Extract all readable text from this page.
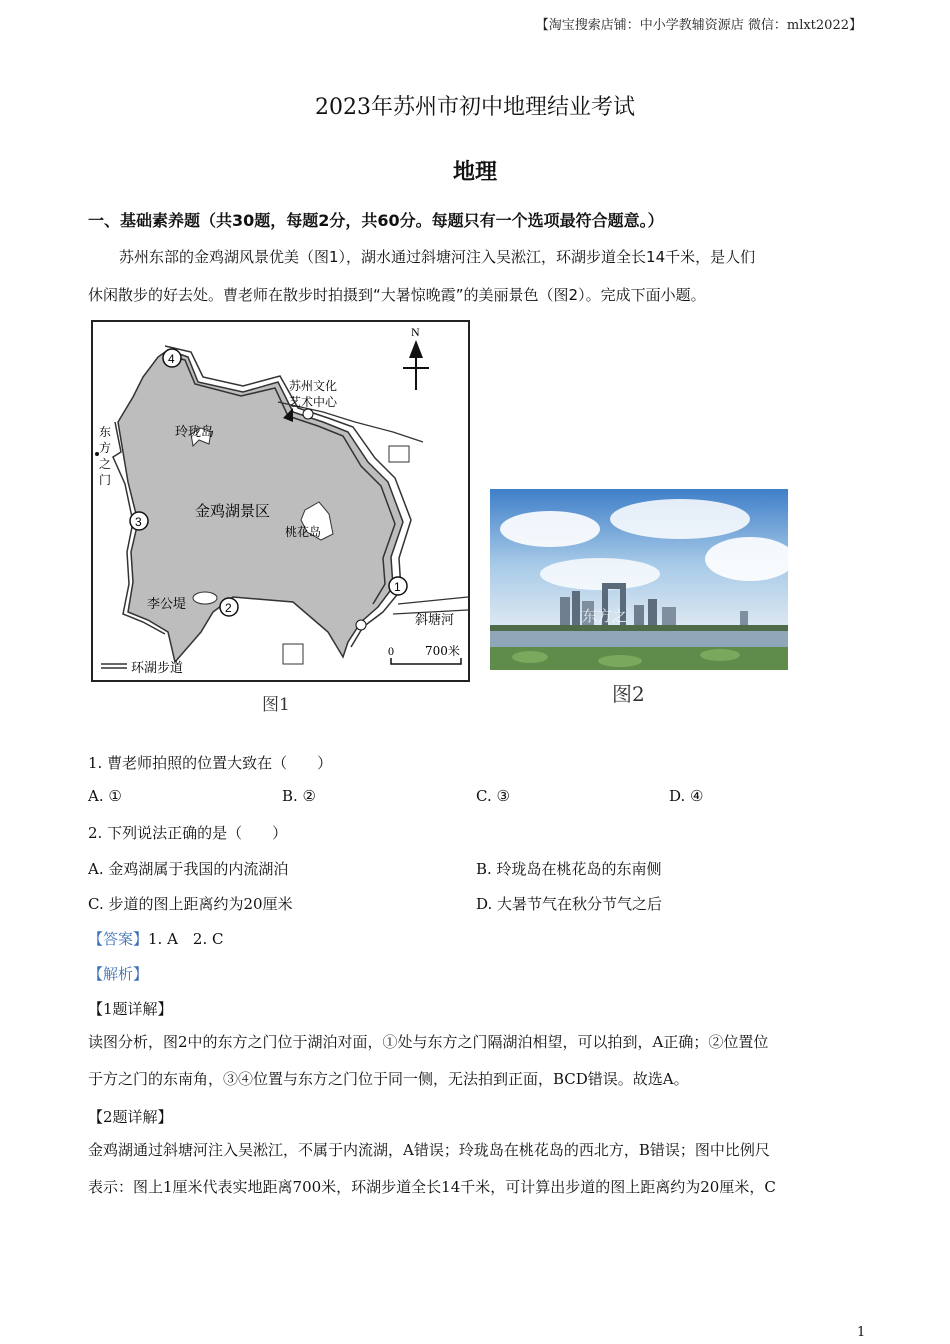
【淘宝搜索店铺：中小学教辅资源店 微信：mlxt2022】
2023年苏州市初中地理结业考试
地理
一、基础素养题（共30题，每题2分，共60分。每题只有一个选项最符合题意。）

苏州东部的金鸡湖风景优美（图1），湖水通过斜塘河注入吴淞江，环湖步道全长14千米，是人们

休闲散步的好去处。曹老师在散步时拍摄到“大暑惊晚霞”的美丽景色（图2）。完成下面小题。

N
苏州文化
艺术中心
东
方
之
门
玲珑岛
金鸡湖景区
桃花岛
李公堤
斜塘河
1
2
3
4
0	700米
环湖步道
图1
东方之
图2
1. 曹老师拍照的位置大致在（　　）
A. ①	B. ②	C. ③	D. ④
2. 下列说法正确的是（　　）
A. 金鸡湖属于我国的内流湖泊	B. 玲珑岛在桃花岛的东南侧
C. 步道的图上距离约为20厘米	D. 大暑节气在秋分节气之后
【答案】1. A　2. C
【解析】
【1题详解】

读图分析，图2中的东方之门位于湖泊对面，①处与东方之门隔湖泊相望，可以拍到，A正确；②位置位

于方之门的东南角，③④位置与东方之门位于同一侧，无法拍到正面，BCD错误。故选A。

【2题详解】

金鸡湖通过斜塘河注入吴淞江，不属于内流湖，A错误；玲珑岛在桃花岛的西北方，B错误；图中比例尺

表示：图上1厘米代表实地距离700米，环湖步道全长14千米，可计算出步道的图上距离约为20厘米，C

1
